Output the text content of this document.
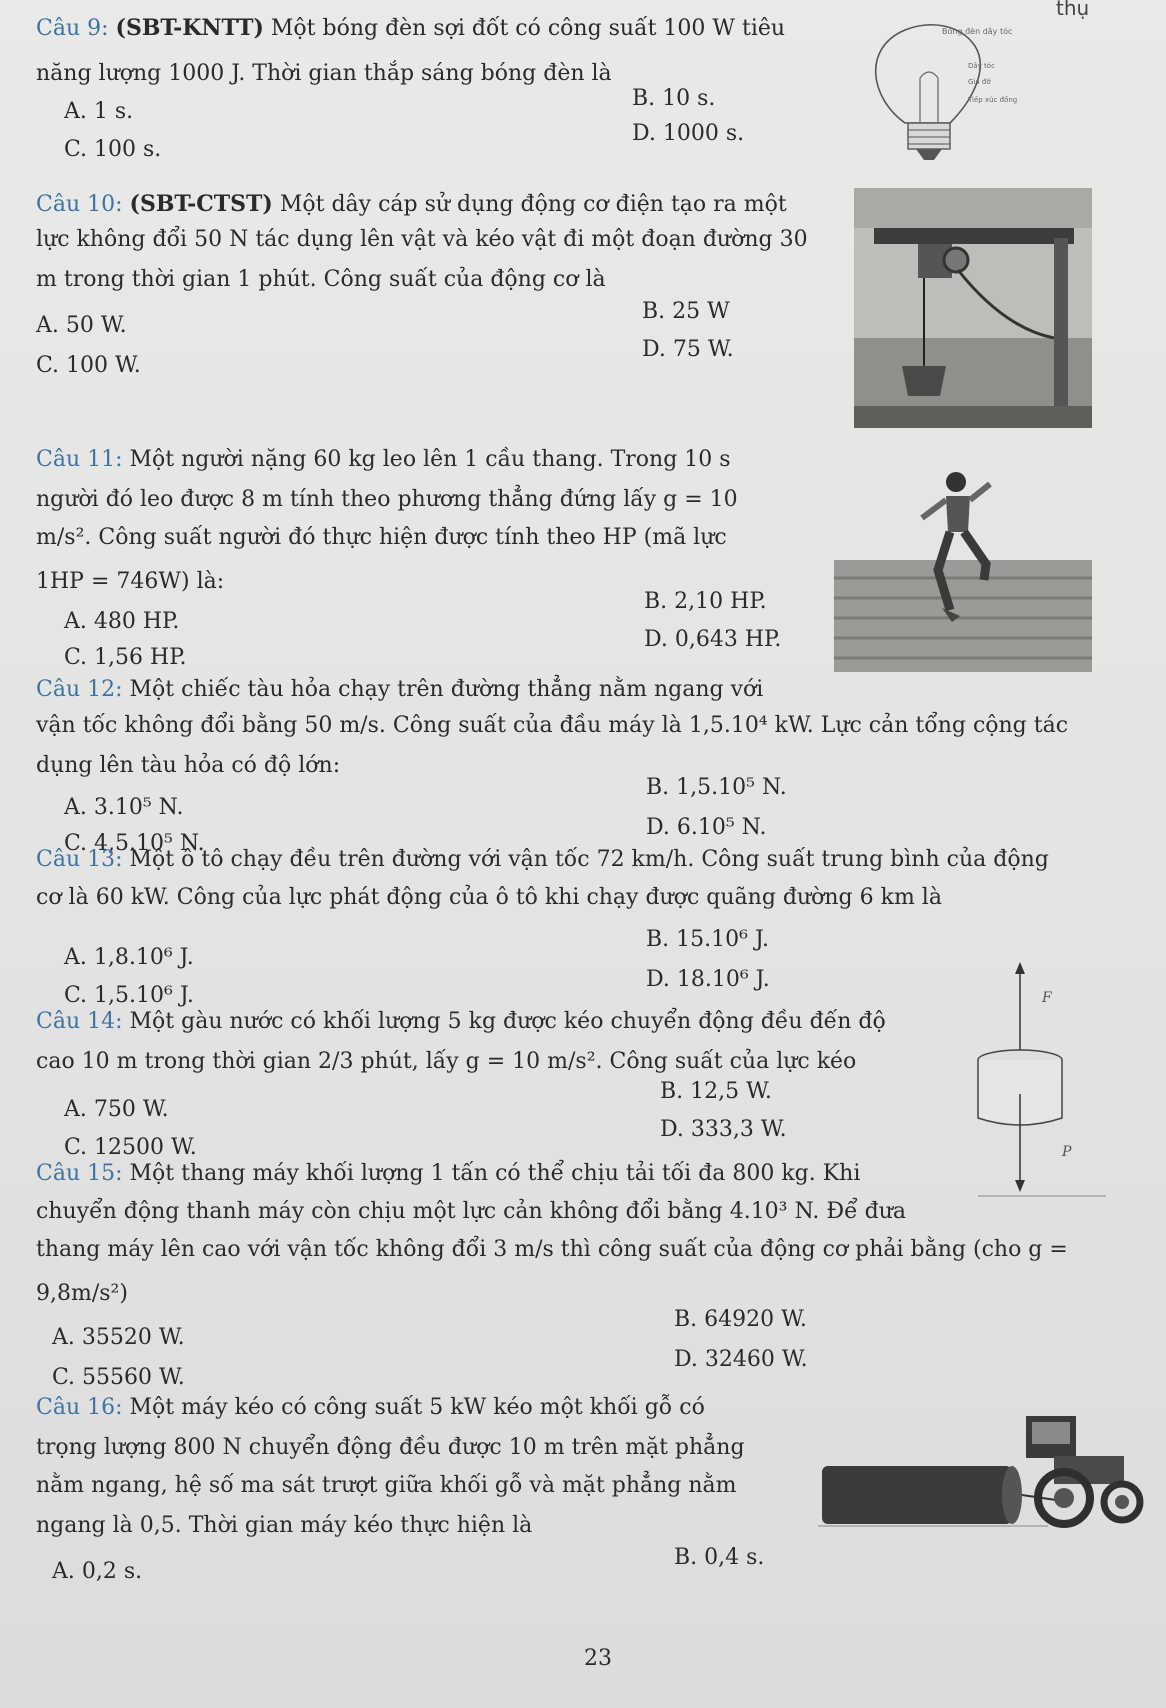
thụ
Câu 9: (SBT-KNTT) Một bóng đèn sợi đốt có công suất 100 W tiêu
năng lượng 1000 J. Thời gian thắp sáng bóng đèn là
A. 1 s.
B. 10 s.
C. 100 s.
D. 1000 s.
Bóng đèn dây tóc
Dây tóc
Giá đỡ
Tiếp xúc đồng
Câu 10: (SBT-CTST) Một dây cáp sử dụng động cơ điện tạo ra một
lực không đổi 50 N tác dụng lên vật và kéo vật đi một đoạn đường 30
m trong thời gian 1 phút. Công suất của động cơ là
A. 50 W.
B. 25 W
C. 100 W.
D. 75 W.
Câu 11: Một người nặng 60 kg leo lên 1 cầu thang. Trong 10 s
người đó leo được 8 m tính theo phương thẳng đứng lấy g = 10
m/s². Công suất người đó thực hiện được tính theo HP (mã lực
1HP = 746W) là:
A. 480 HP.
B. 2,10 HP.
C. 1,56 HP.
D. 0,643 HP.
Câu 12: Một chiếc tàu hỏa chạy trên đường thẳng nằm ngang với
vận tốc không đổi bằng 50 m/s. Công suất của đầu máy là 1,5.10⁴ kW. Lực cản tổng cộng tác
dụng lên tàu hỏa có độ lớn:
A. 3.10⁵ N.
B. 1,5.10⁵ N.
C. 4,5.10⁵ N.
D. 6.10⁵ N.
Câu 13: Một ô tô chạy đều trên đường với vận tốc 72 km/h. Công suất trung bình của động
cơ là 60 kW. Công của lực phát động của ô tô khi chạy được quãng đường 6 km là
A. 1,8.10⁶ J.
B. 15.10⁶ J.
C. 1,5.10⁶ J.
D. 18.10⁶ J.
Câu 14: Một gàu nước có khối lượng 5 kg được kéo chuyển động đều đến độ
cao 10 m trong thời gian 2/3 phút, lấy g = 10 m/s². Công suất của lực kéo
A. 750 W.
B. 12,5 W.
C. 12500 W.
D. 333,3 W.
F
P
Câu 15: Một thang máy khối lượng 1 tấn có thể chịu tải tối đa 800 kg. Khi
chuyển động thanh máy còn chịu một lực cản không đổi bằng 4.10³ N. Để đưa
thang máy lên cao với vận tốc không đổi 3 m/s thì công suất của động cơ phải bằng (cho g =
9,8m/s²)
A. 35520 W.
B. 64920 W.
C. 55560 W.
D. 32460 W.
Câu 16: Một máy kéo có công suất 5 kW kéo một khối gỗ có
trọng lượng 800 N chuyển động đều được 10 m trên mặt phẳng
nằm ngang, hệ số ma sát trượt giữa khối gỗ và mặt phẳng nằm
ngang là 0,5. Thời gian máy kéo thực hiện là
A. 0,2 s.
B. 0,4 s.
23
